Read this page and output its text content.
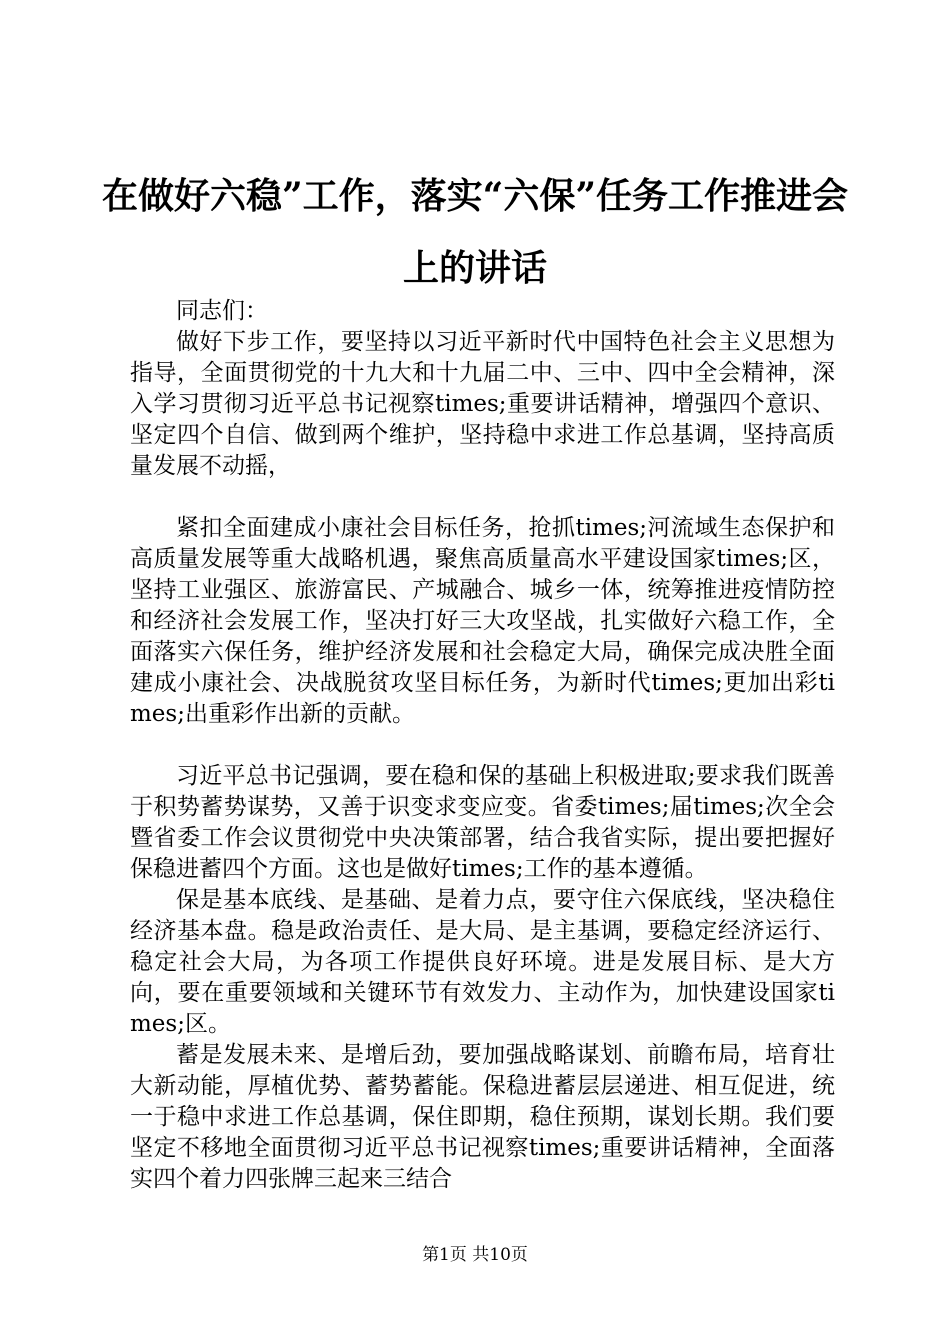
在做好六稳”工作，落实“六保”任务工作推进会上的讲话

同志们：

做好下步工作，要坚持以习近平新时代中国特色社会主义思想为指导，全面贯彻党的十九大和十九届二中、三中、四中全会精神，深入学习贯彻习近平总书记视察times;重要讲话精神，增强四个意识、坚定四个自信、做到两个维护，坚持稳中求进工作总基调，坚持高质量发展不动摇，

紧扣全面建成小康社会目标任务，抢抓times;河流域生态保护和高质量发展等重大战略机遇，聚焦高质量高水平建设国家times;区，坚持工业强区、旅游富民、产城融合、城乡一体，统筹推进疫情防控和经济社会发展工作，坚决打好三大攻坚战，扎实做好六稳工作，全面落实六保任务，维护经济发展和社会稳定大局，确保完成决胜全面建成小康社会、决战脱贫攻坚目标任务，为新时代times;更加出彩times;出重彩作出新的贡献。

习近平总书记强调，要在稳和保的基础上积极进取;要求我们既善于积势蓄势谋势，又善于识变求变应变。省委times;届times;次全会暨省委工作会议贯彻党中央决策部署，结合我省实际，提出要把握好保稳进蓄四个方面。这也是做好times;工作的基本遵循。

保是基本底线、是基础、是着力点，要守住六保底线，坚决稳住经济基本盘。稳是政治责任、是大局、是主基调，要稳定经济运行、稳定社会大局，为各项工作提供良好环境。进是发展目标、是大方向，要在重要领域和关键环节有效发力、主动作为，加快建设国家times;区。

蓄是发展未来、是增后劲，要加强战略谋划、前瞻布局，培育壮大新动能，厚植优势、蓄势蓄能。保稳进蓄层层递进、相互促进，统一于稳中求进工作总基调，保住即期，稳住预期，谋划长期。我们要坚定不移地全面贯彻习近平总书记视察times;重要讲话精神，全面落实四个着力四张牌三起来三结合

第1页 共10页
